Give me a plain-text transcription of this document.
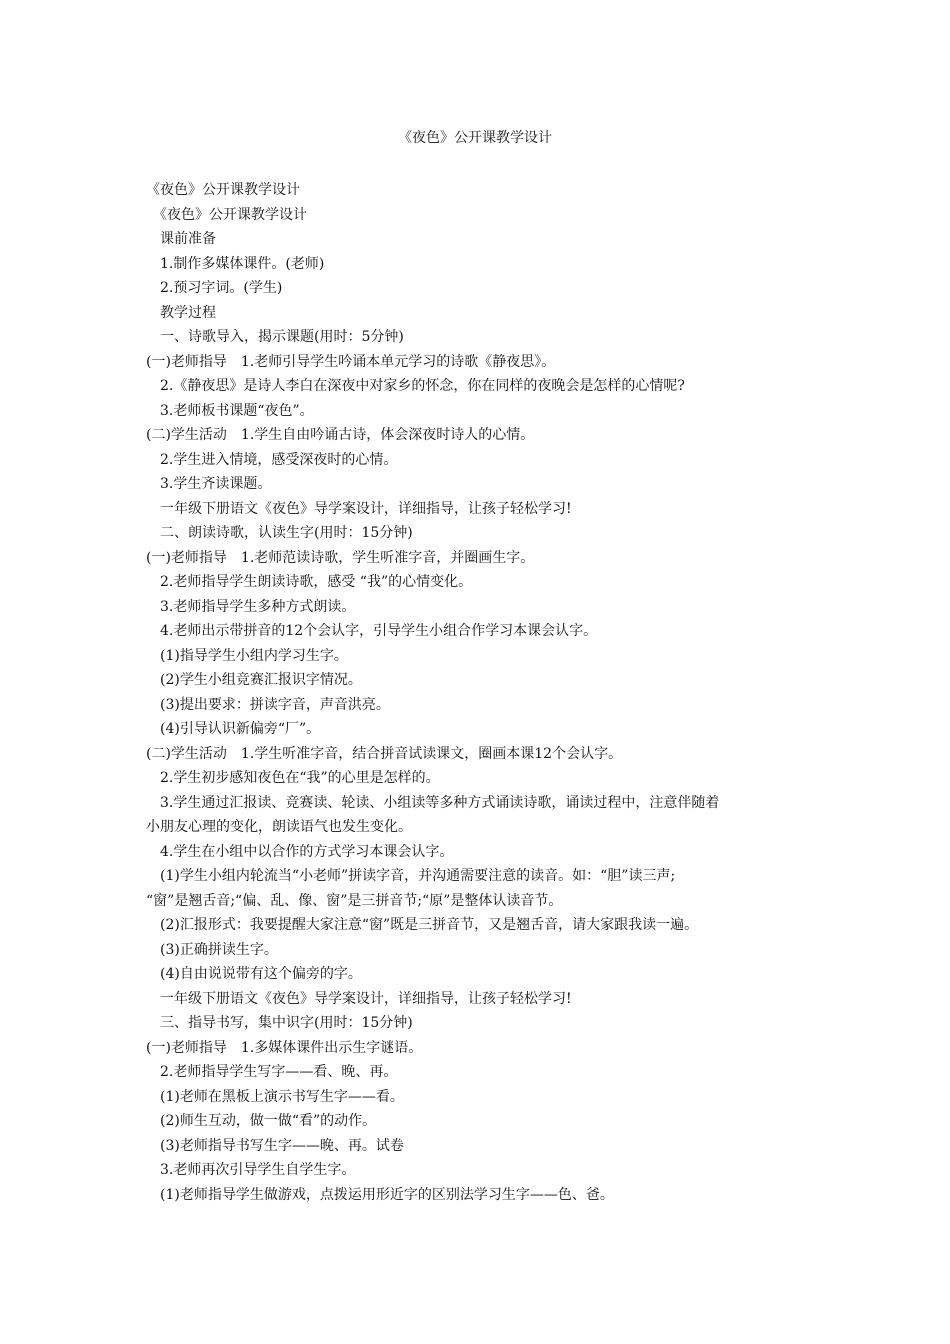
《夜色》公开课教学设计

《夜色》公开课教学设计

　《夜色》公开课教学设计

　课前准备

　1.制作多媒体课件。(老师)

　2.预习字词。(学生)

　教学过程

　一、诗歌导入，揭示课题(用时：5分钟)

(一)老师指导　1.老师引导学生吟诵本单元学习的诗歌《静夜思》。

　2.《静夜思》是诗人李白在深夜中对家乡的怀念，你在同样的夜晚会是怎样的心情呢?

　3.老师板书课题“夜色”。

(二)学生活动　1.学生自由吟诵古诗，体会深夜时诗人的心情。

　2.学生进入情境，感受深夜时的心情。

　3.学生齐读课题。

　一年级下册语文《夜色》导学案设计，详细指导，让孩子轻松学习!

　二、朗读诗歌，认读生字(用时：15分钟)

(一)老师指导　1.老师范读诗歌，学生听准字音，并圈画生字。

　2.老师指导学生朗读诗歌，感受 “我”的心情变化。

　3.老师指导学生多种方式朗读。

　4.老师出示带拼音的12个会认字，引导学生小组合作学习本课会认字。

　(1)指导学生小组内学习生字。

　(2)学生小组竞赛汇报识字情况。

　(3)提出要求：拼读字音，声音洪亮。

　(4)引导认识新偏旁“厂”。

(二)学生活动　1.学生听准字音，结合拼音试读课文，圈画本课12个会认字。

　2.学生初步感知夜色在“我”的心里是怎样的。

　3.学生通过汇报读、竞赛读、轮读、小组读等多种方式诵读诗歌，诵读过程中，注意伴随着

小朋友心理的变化，朗读语气也发生变化。

　4.学生在小组中以合作的方式学习本课会认字。

　(1)学生小组内轮流当“小老师”拼读字音，并沟通需要注意的读音。如：“胆”读三声;

“窗”是翘舌音;“偏、乱、像、窗”是三拼音节;“原”是整体认读音节。

　(2)汇报形式：我要提醒大家注意“窗”既是三拼音节，又是翘舌音，请大家跟我读一遍。

　(3)正确拼读生字。

　(4)自由说说带有这个偏旁的字。

　一年级下册语文《夜色》导学案设计，详细指导，让孩子轻松学习!

　三、指导书写，集中识字(用时：15分钟)

(一)老师指导　1.多媒体课件出示生字谜语。

　2.老师指导学生写字——看、晚、再。

　(1)老师在黑板上演示书写生字——看。

　(2)师生互动，做一做“看”的动作。

　(3)老师指导书写生字——晚、再。试卷

　3.老师再次引导学生自学生字。

　(1)老师指导学生做游戏，点拨运用形近字的区别法学习生字——色、爸。
